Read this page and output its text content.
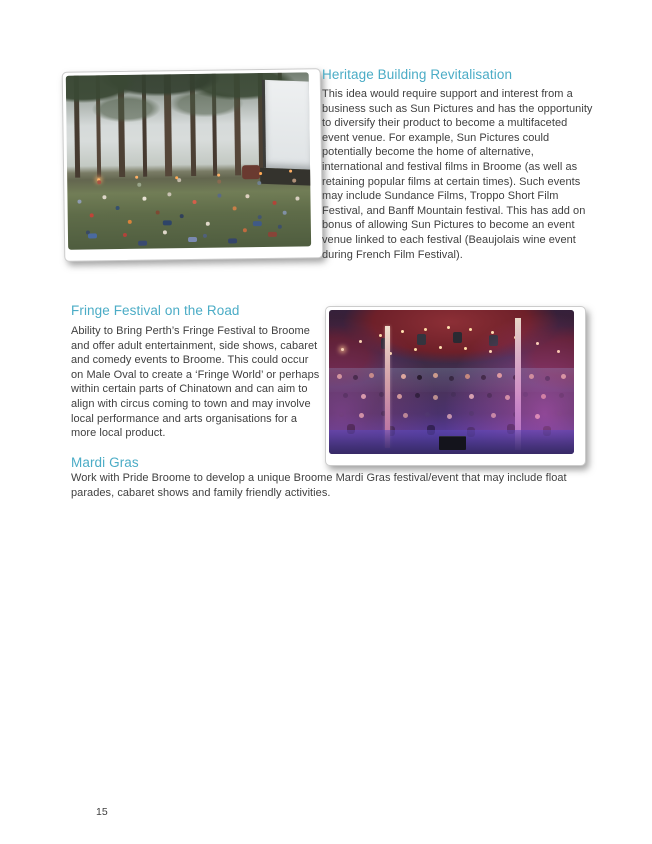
Heritage Building Revitalisation

This idea would require support and interest from a business such as Sun Pictures and has the opportunity to diversify their product to become a multifaceted event venue. For example, Sun Pictures could potentially become the home of alternative, international and festival films in Broome (as well as retaining popular films at certain times). Such events may include Sundance Films, Troppo Short Film Festival, and Banff Mountain festival. This has add on bonus of allowing Sun Pictures to become an event venue linked to each festival (Beaujolais wine event during French Film Festival).

Fringe Festival on the Road

Ability to Bring Perth’s Fringe Festival to Broome and offer adult entertainment, side shows, cabaret and comedy events to Broome. This could occur on Male Oval to create a ‘Fringe World’ or perhaps within certain parts of Chinatown and can aim to align with circus coming to town and may involve local performance and arts organisations for a more local product.

Mardi Gras

Work with Pride Broome to develop a unique Broome Mardi Gras festival/event that may include float parades, cabaret shows and family friendly activities.

15
